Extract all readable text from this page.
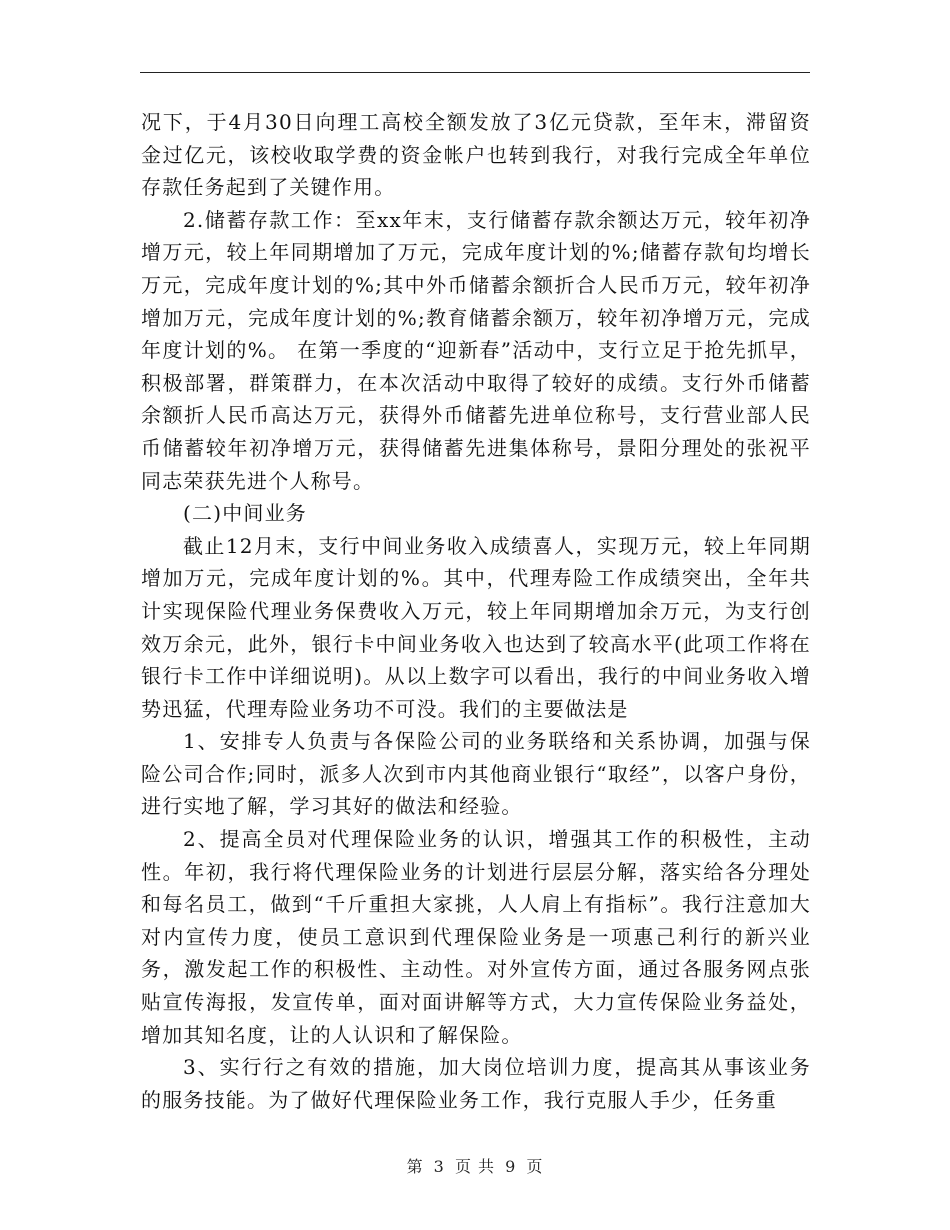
况下，于4月30日向理工高校全额发放了3亿元贷款，至年末，滞留资金过亿元，该校收取学费的资金帐户也转到我行，对我行完成全年单位存款任务起到了关键作用。

2.储蓄存款工作：至xx年末，支行储蓄存款余额达万元，较年初净增万元，较上年同期增加了万元，完成年度计划的%;储蓄存款旬均增长万元，完成年度计划的%;其中外币储蓄余额折合人民币万元，较年初净增加万元，完成年度计划的%;教育储蓄余额万，较年初净增万元，完成年度计划的%。 在第一季度的“迎新春”活动中，支行立足于抢先抓早，积极部署，群策群力，在本次活动中取得了较好的成绩。支行外币储蓄余额折人民币高达万元，获得外币储蓄先进单位称号，支行营业部人民币储蓄较年初净增万元，获得储蓄先进集体称号，景阳分理处的张祝平同志荣获先进个人称号。

(二)中间业务

截止12月末，支行中间业务收入成绩喜人，实现万元，较上年同期增加万元，完成年度计划的%。其中，代理寿险工作成绩突出，全年共计实现保险代理业务保费收入万元，较上年同期增加余万元，为支行创效万余元，此外，银行卡中间业务收入也达到了较高水平(此项工作将在银行卡工作中详细说明)。从以上数字可以看出，我行的中间业务收入增势迅猛，代理寿险业务功不可没。我们的主要做法是

1、安排专人负责与各保险公司的业务联络和关系协调，加强与保险公司合作;同时，派多人次到市内其他商业银行“取经”，以客户身份，进行实地了解，学习其好的做法和经验。

2、提高全员对代理保险业务的认识，增强其工作的积极性，主动性。年初，我行将代理保险业务的计划进行层层分解，落实给各分理处和每名员工，做到“千斤重担大家挑，人人肩上有指标”。我行注意加大对内宣传力度，使员工意识到代理保险业务是一项惠己利行的新兴业务，激发起工作的积极性、主动性。对外宣传方面，通过各服务网点张贴宣传海报，发宣传单，面对面讲解等方式，大力宣传保险业务益处，增加其知名度，让的人认识和了解保险。

3、实行行之有效的措施，加大岗位培训力度，提高其从事该业务的服务技能。为了做好代理保险业务工作，我行克服人手少，任务重

第 3 页 共 9 页
